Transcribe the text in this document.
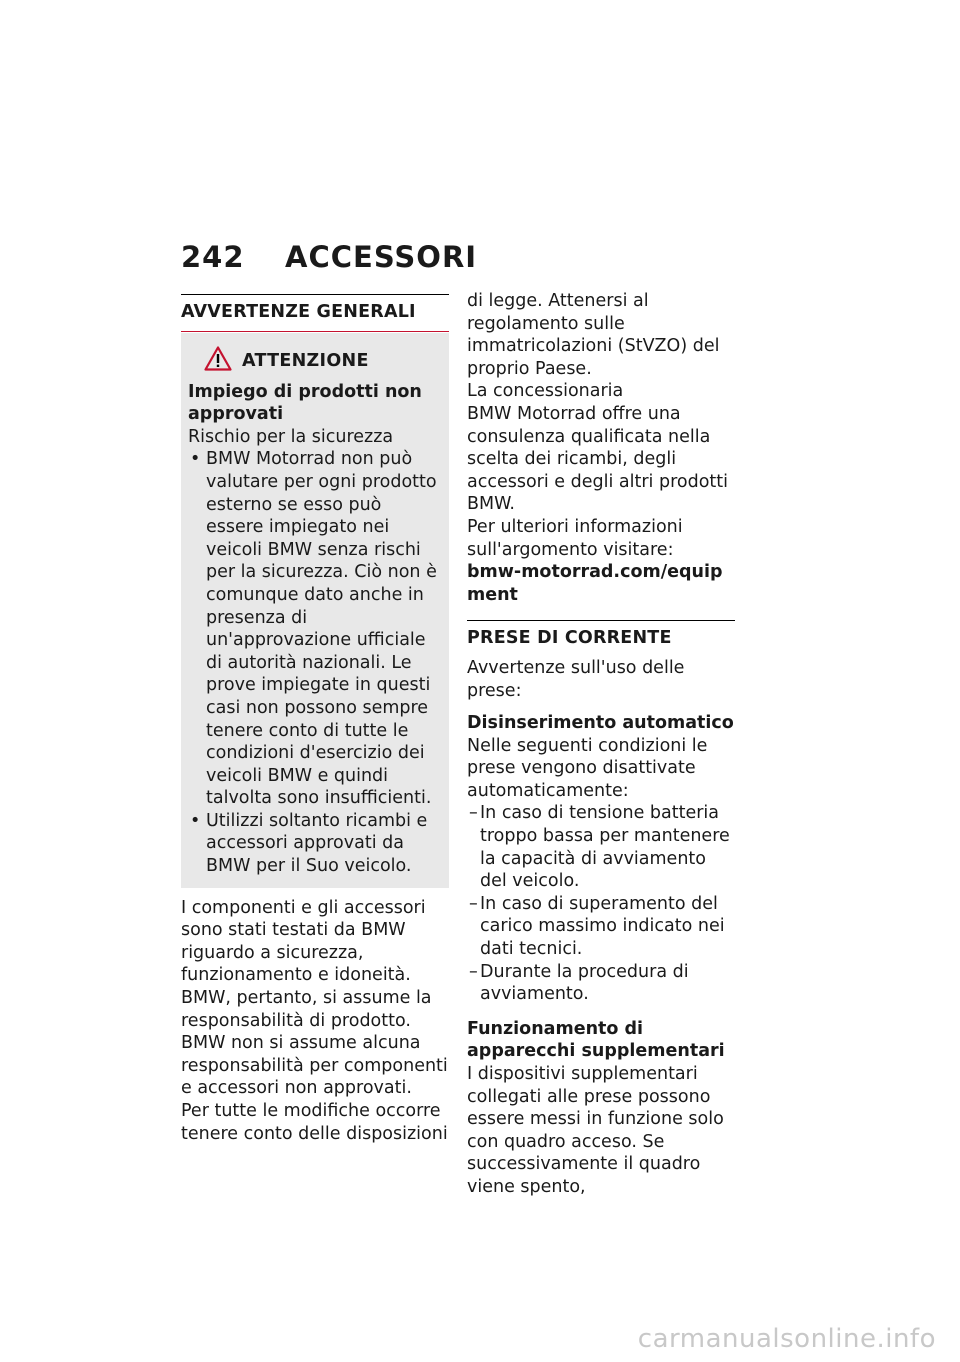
242 ACCESSORI
AVVERTENZE GENERALI
ATTENZIONE

Impiego di prodotti non approvati

Rischio per la sicurezza

• BMW Motorrad non può valutare per ogni prodotto esterno se esso può essere impiegato nei veicoli BMW senza rischi per la sicurezza. Ciò non è comunque dato anche in presenza di un'approvazione ufficiale di autorità nazionali. Le prove impiegate in questi casi non possono sempre tenere conto di tutte le condizioni d'esercizio dei veicoli BMW e quindi talvolta sono insufficienti.
• Utilizzi soltanto ricambi e accessori approvati da BMW per il Suo veicolo.

I componenti e gli accessori sono stati testati da BMW riguardo a sicurezza, funzionamento e idoneità. BMW, pertanto, si assume la responsabilità di prodotto. BMW non si assume alcuna responsabilità per componenti e accessori non approvati.

Per tutte le modifiche occorre tenere conto delle disposizioni

di legge. Attenersi al regolamento sulle immatricolazioni (StVZO) del proprio Paese.

La concessionaria

BMW Motorrad offre una consulenza qualificata nella scelta dei ricambi, degli accessori e degli altri prodotti BMW.

Per ulteriori informazioni sull'argomento visitare:

bmw-motorrad.com/equipment

PRESE DI CORRENTE

Avvertenze sull'uso delle prese:

Disinserimento automatico

Nelle seguenti condizioni le prese vengono disattivate automaticamente:

– In caso di tensione batteria troppo bassa per mantenere la capacità di avviamento del veicolo.
– In caso di superamento del carico massimo indicato nei dati tecnici.
– Durante la procedura di avviamento.

Funzionamento di apparecchi supplementari

I dispositivi supplementari collegati alle prese possono essere messi in funzione solo con quadro acceso. Se successivamente il quadro viene spento,

carmanualsonline.info
